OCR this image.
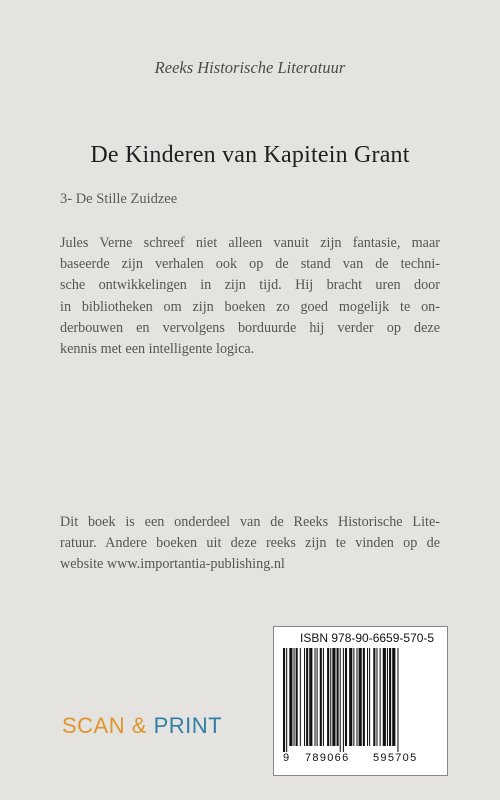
Reeks Historische Literatuur
De Kinderen van Kapitein Grant
3- De Stille Zuidzee
Jules Verne schreef niet alleen vanuit zijn fantasie, maar
baseerde zijn verhalen ook op de stand van de techni-
sche ontwikkelingen in zijn tijd. Hij bracht uren door
in bibliotheken om zijn boeken zo goed mogelijk te on-
derbouwen en vervolgens borduurde hij verder op deze
kennis met een intelligente logica.
Dit boek is een onderdeel van de Reeks Historische Lite-
ratuur. Andere boeken uit deze reeks zijn te vinden op de
website www.importantia-publishing.nl
SCAN & PRINT
ISBN 978-90-6659-570-5
9 789066 595705
